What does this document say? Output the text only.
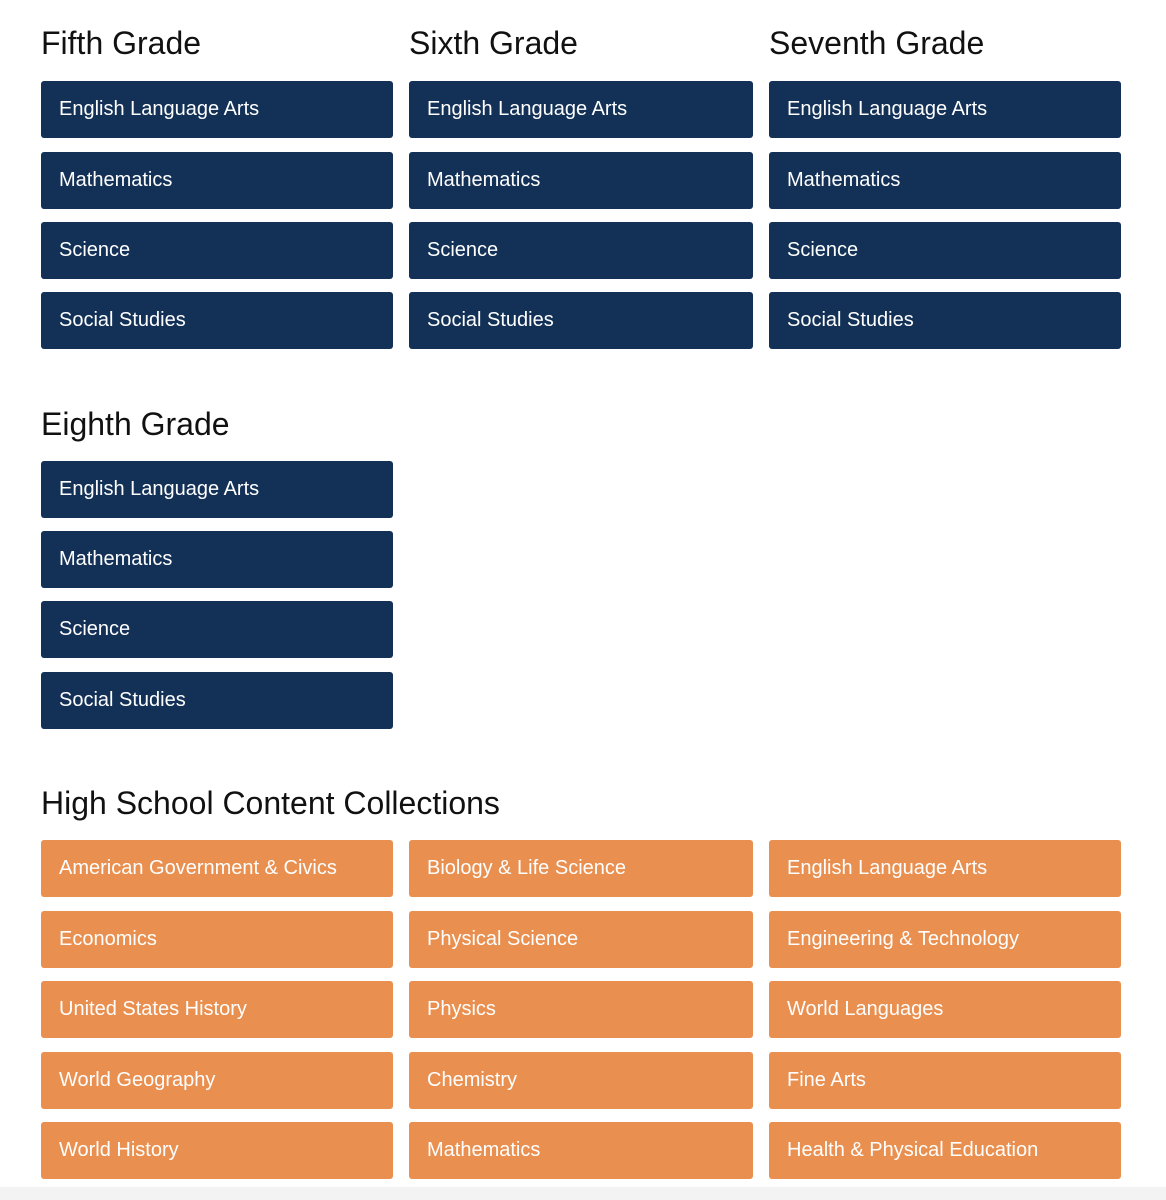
Fifth Grade
English Language Arts
Mathematics
Science
Social Studies
Sixth Grade
English Language Arts
Mathematics
Science
Social Studies
Seventh Grade
English Language Arts
Mathematics
Science
Social Studies
Eighth Grade
English Language Arts
Mathematics
Science
Social Studies
High School Content Collections
American Government & Civics
Economics
United States History
World Geography
World History
Biology & Life Science
Physical Science
Physics
Chemistry
Mathematics
English Language Arts
Engineering & Technology
World Languages
Fine Arts
Health & Physical Education
